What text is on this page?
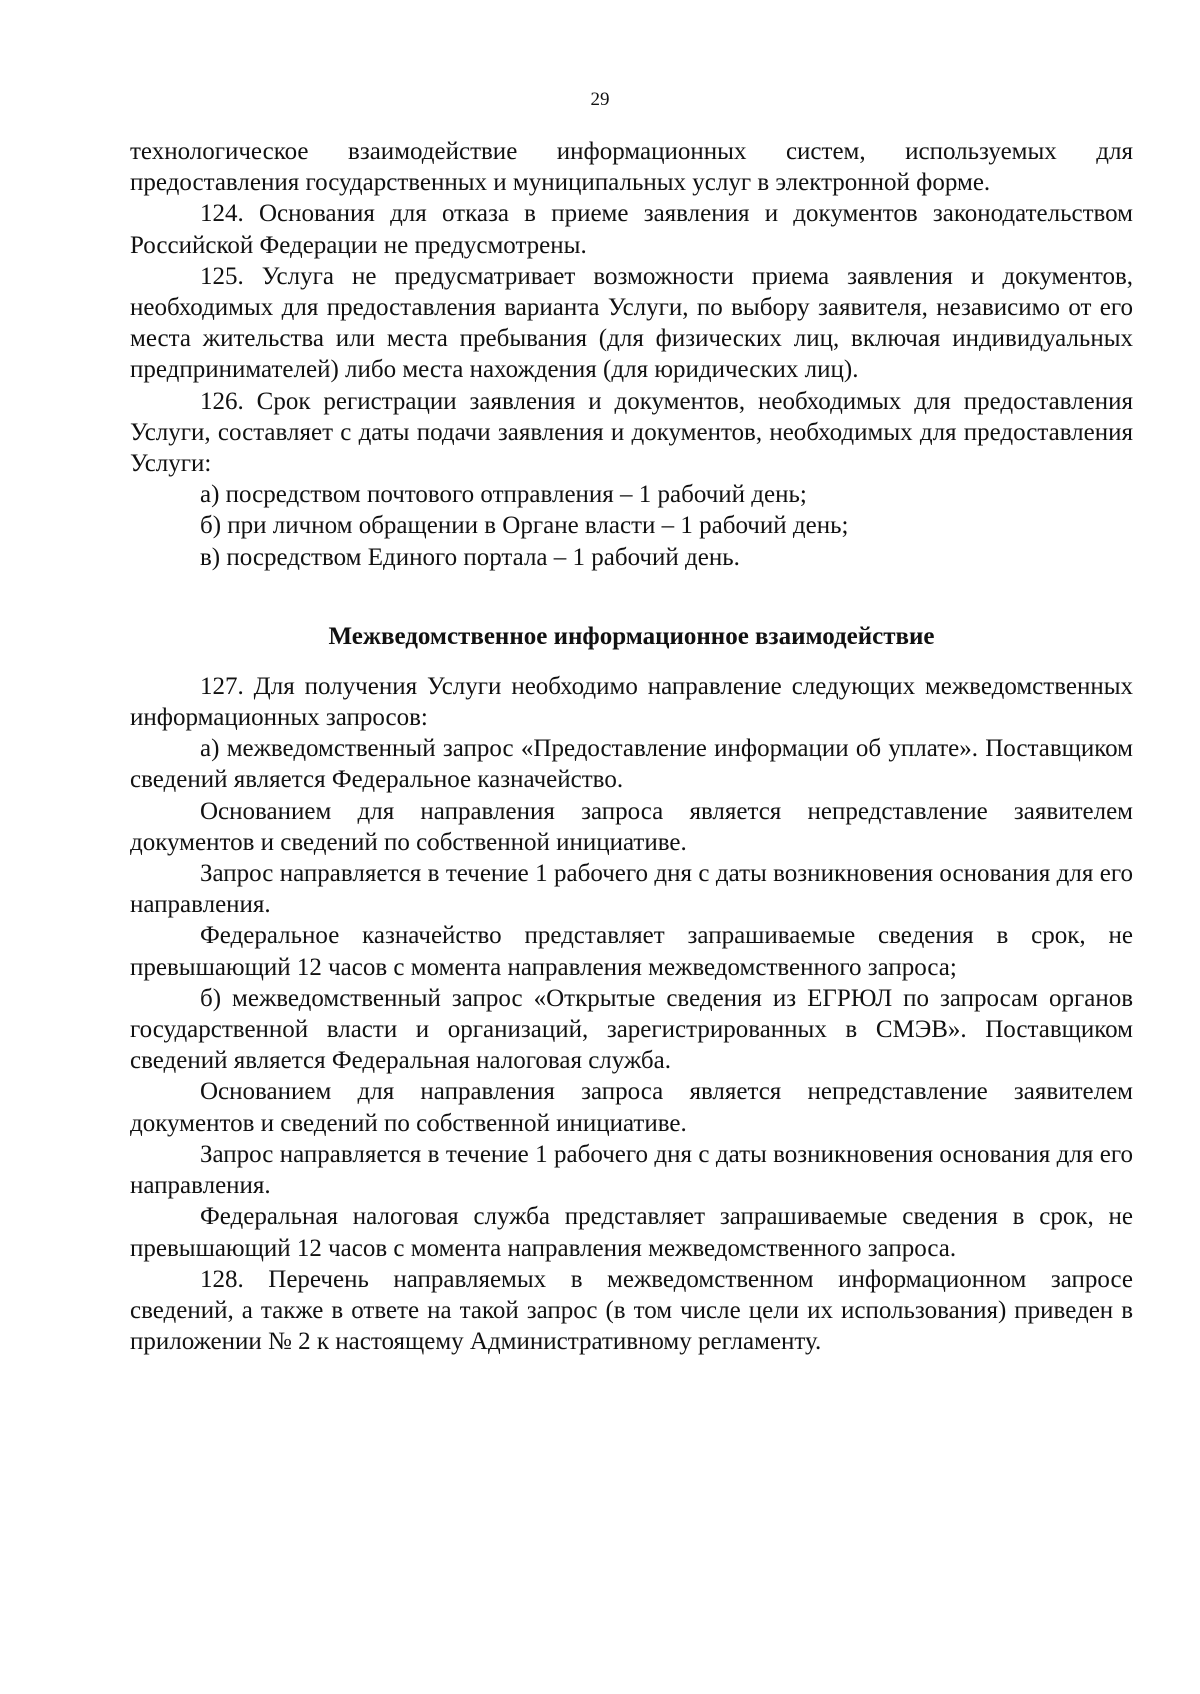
29

технологическое взаимодействие информационных систем, используемых для предоставления государственных и муниципальных услуг в электронной форме.

124. Основания для отказа в приеме заявления и документов законодательством Российской Федерации не предусмотрены.

125. Услуга не предусматривает возможности приема заявления и документов, необходимых для предоставления варианта Услуги, по выбору заявителя, независимо от его места жительства или места пребывания (для физических лиц, включая индивидуальных предпринимателей) либо места нахождения (для юридических лиц).

126. Срок регистрации заявления и документов, необходимых для предоставления Услуги, составляет с даты подачи заявления и документов, необходимых для предоставления Услуги:

а) посредством почтового отправления – 1 рабочий день;

б) при личном обращении в Органе власти – 1 рабочий день;

в) посредством Единого портала – 1 рабочий день.

Межведомственное информационное взаимодействие

127. Для получения Услуги необходимо направление следующих межведомственных информационных запросов:

а) межведомственный запрос «Предоставление информации об уплате». Поставщиком сведений является Федеральное казначейство.

Основанием для направления запроса является непредставление заявителем документов и сведений по собственной инициативе.

Запрос направляется в течение 1 рабочего дня с даты возникновения основания для его направления.

Федеральное казначейство представляет запрашиваемые сведения в срок, не превышающий 12 часов с момента направления межведомственного запроса;

б) межведомственный запрос «Открытые сведения из ЕГРЮЛ по запросам органов государственной власти и организаций, зарегистрированных в СМЭВ». Поставщиком сведений является Федеральная налоговая служба.

Основанием для направления запроса является непредставление заявителем документов и сведений по собственной инициативе.

Запрос направляется в течение 1 рабочего дня с даты возникновения основания для его направления.

Федеральная налоговая служба представляет запрашиваемые сведения в срок, не превышающий 12 часов с момента направления межведомственного запроса.

128. Перечень направляемых в межведомственном информационном запросе сведений, а также в ответе на такой запрос (в том числе цели их использования) приведен в приложении № 2 к настоящему Административному регламенту.
